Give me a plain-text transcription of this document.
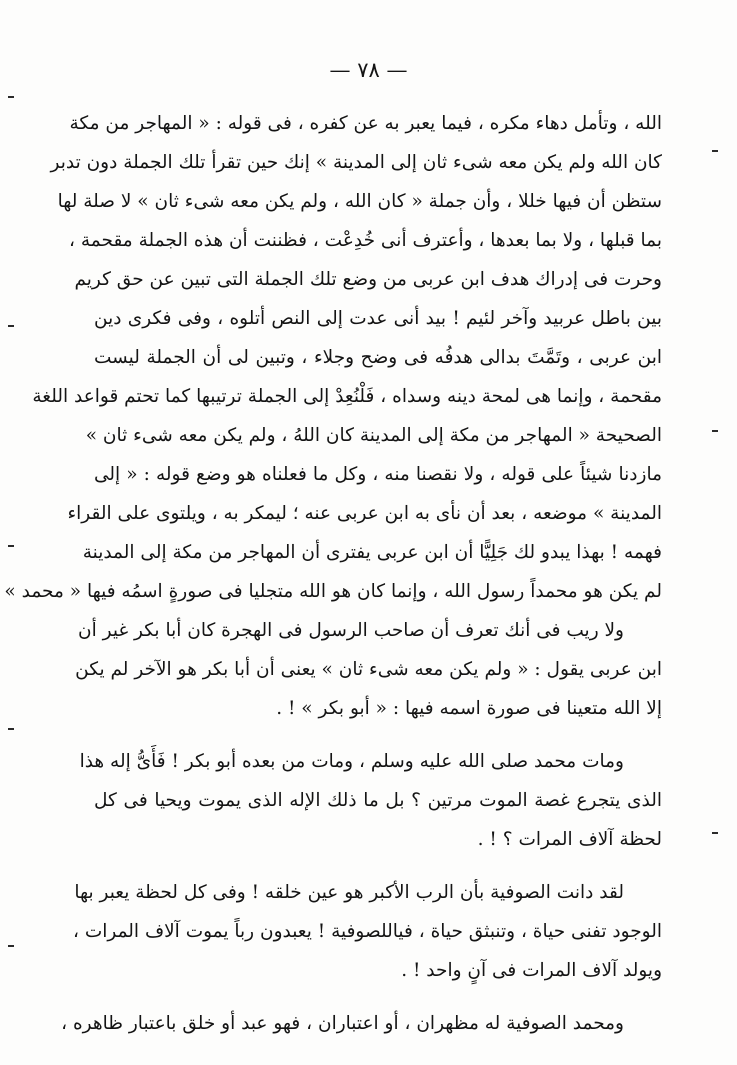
— ٧٨ —
الله ، وتأمل دهاء مكره ، فيما يعبر به عن كفره ، فى قوله : « المهاجر من مكة
كان الله ولم يكن معه شىء ثان إلى المدينة » إنك حين تقرأ تلك الجملة دون تدبر
ستظن أن فيها خللا ، وأن جملة « كان الله ، ولم يكن معه شىء ثان » لا صلة لها
بما قبلها ، ولا بما بعدها ، وأعترف أنى خُدِعْت ، فظننت أن هذه الجملة مقحمة ،
وحرت فى إدراك هدف ابن عربى من وضع تلك الجملة التى تبين عن حق كريم
بين باطل عربيد وآخر لئيم ! بيد أنى عدت إلى النص أتلوه ، وفى فكرى دين
ابن عربى ، وتَمَّتَ بدالى هدفُه فى وضح وجلاء ، وتبين لى أن الجملة ليست
مقحمة ، وإنما هى لمحة دينه وسداه ، فَلْنُعِدْ إلى الجملة ترتيبها كما تحتم قواعد اللغة
الصحيحة « المهاجر من مكة إلى المدينة كان اللهُ ، ولم يكن معه شىء ثان »
مازدنا شيئاً على قوله ، ولا نقصنا منه ، وكل ما فعلناه هو وضع قوله : « إلى
المدينة » موضعه ، بعد أن نأى به ابن عربى عنه ؛ ليمكر به ، ويلتوى على القراء
فهمه ! بهذا يبدو لك جَلِيًّا أن ابن عربى يفترى أن المهاجر من مكة إلى المدينة
لم يكن هو محمداً رسول الله ، وإنما كان هو الله متجليا فى صورةٍ اسمُه فيها « محمد »
ولا ريب فى أنك تعرف أن صاحب الرسول فى الهجرة كان أبا بكر غير أن
ابن عربى يقول : « ولم يكن معه شىء ثان » يعنى أن أبا بكر هو الآخر لم يكن
إلا الله متعينا فى صورة اسمه فيها : « أبو بكر » ! .
ومات محمد صلى الله عليه وسلم ، ومات من بعده أبو بكر ! فَأَىُّ إله هذا
الذى يتجرع غصة الموت مرتين ؟ بل ما ذلك الإله الذى يموت ويحيا فى كل
لحظة آلاف المرات ؟ ! .
لقد دانت الصوفية بأن الرب الأكبر هو عين خلقه ! وفى كل لحظة يعبر بها
الوجود تفنى حياة ، وتنبثق حياة ، فياللصوفية ! يعبدون رباً يموت آلاف المرات ،
ويولد آلاف المرات فى آنٍ واحد ! .
ومحمد الصوفية له مظهران ، أو اعتباران ، فهو عبد أو خلق باعتبار ظاهره ،
